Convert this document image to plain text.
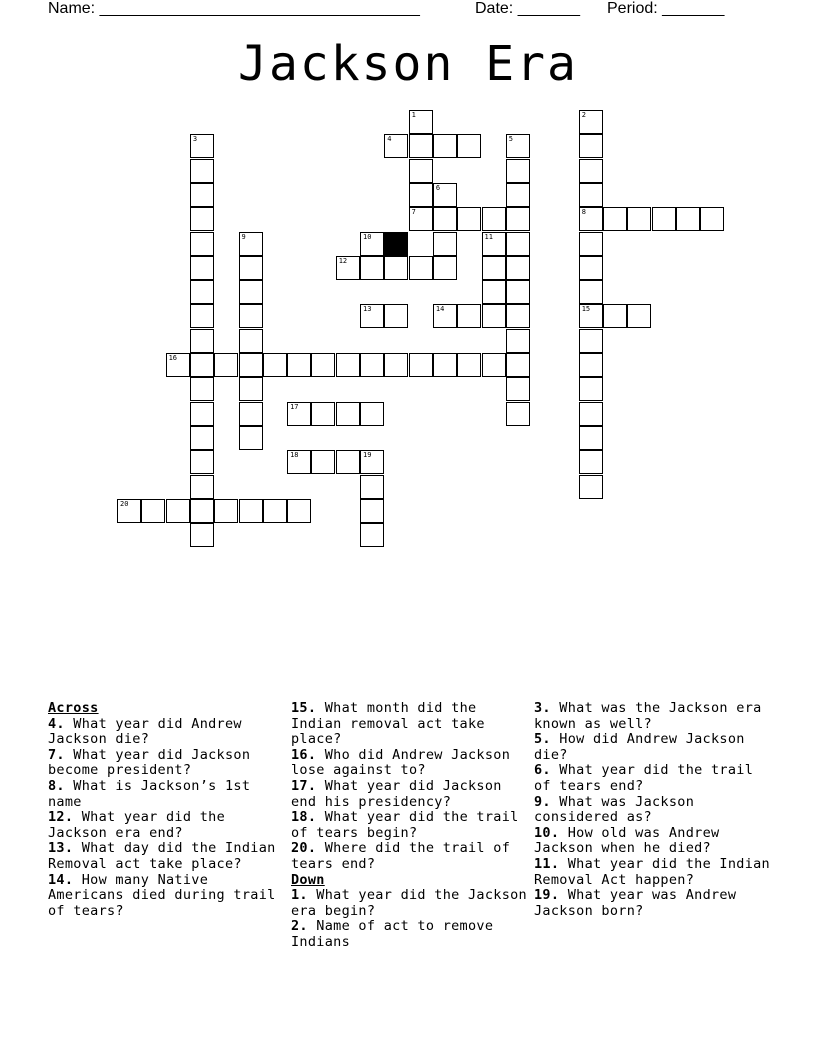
Name: ____________________________________

	Date: _______

Period: _______

Jackson Era
1
4
2
8
15
3	5
6
7
10	11
9
12
13	14
16
17
18	19
20
Across
4. What year did Andrew Jackson die?
7. What year did Jackson become president?
8. What is Jackson’s 1st name
12. What year did the Jackson era end?
13. What day did the Indian Removal act take place?
14. How many Native Americans died during trail of tears?
15. What month did the Indian removal act take place?
16. Who did Andrew Jackson lose against to?
17. What year did Jackson end his presidency?
18. What year did the trail of tears begin?
20. Where did the trail of tears end?
Down
1. What year did the Jackson era begin?
2. Name of act to remove Indians
3. What was the Jackson era known as well?
5. How did Andrew Jackson die?
6. What year did the trail of tears end?
9. What was Jackson considered as?
10. How old was Andrew Jackson when he died?
11. What year did the Indian Removal Act happen?
19. What year was Andrew Jackson born?
